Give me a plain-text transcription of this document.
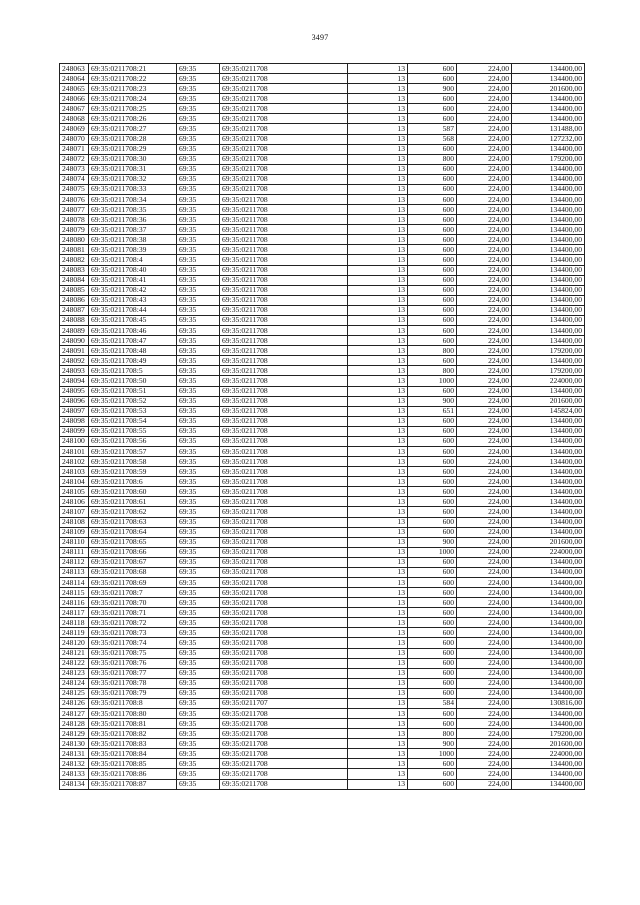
3497
248063	69:35:0211708:21	69:35	69:35:0211708	13	600	224,00	134400,00
248064	69:35:0211708:22	69:35	69:35:0211708	13	600	224,00	134400,00
248065	69:35:0211708:23	69:35	69:35:0211708	13	900	224,00	201600,00
248066	69:35:0211708:24	69:35	69:35:0211708	13	600	224,00	134400,00
248067	69:35:0211708:25	69:35	69:35:0211708	13	600	224,00	134400,00
248068	69:35:0211708:26	69:35	69:35:0211708	13	600	224,00	134400,00
248069	69:35:0211708:27	69:35	69:35:0211708	13	587	224,00	131488,00
248070	69:35:0211708:28	69:35	69:35:0211708	13	568	224,00	127232,00
248071	69:35:0211708:29	69:35	69:35:0211708	13	600	224,00	134400,00
248072	69:35:0211708:30	69:35	69:35:0211708	13	800	224,00	179200,00
248073	69:35:0211708:31	69:35	69:35:0211708	13	600	224,00	134400,00
248074	69:35:0211708:32	69:35	69:35:0211708	13	600	224,00	134400,00
248075	69:35:0211708:33	69:35	69:35:0211708	13	600	224,00	134400,00
248076	69:35:0211708:34	69:35	69:35:0211708	13	600	224,00	134400,00
248077	69:35:0211708:35	69:35	69:35:0211708	13	600	224,00	134400,00
248078	69:35:0211708:36	69:35	69:35:0211708	13	600	224,00	134400,00
248079	69:35:0211708:37	69:35	69:35:0211708	13	600	224,00	134400,00
248080	69:35:0211708:38	69:35	69:35:0211708	13	600	224,00	134400,00
248081	69:35:0211708:39	69:35	69:35:0211708	13	600	224,00	134400,00
248082	69:35:0211708:4	69:35	69:35:0211708	13	600	224,00	134400,00
248083	69:35:0211708:40	69:35	69:35:0211708	13	600	224,00	134400,00
248084	69:35:0211708:41	69:35	69:35:0211708	13	600	224,00	134400,00
248085	69:35:0211708:42	69:35	69:35:0211708	13	600	224,00	134400,00
248086	69:35:0211708:43	69:35	69:35:0211708	13	600	224,00	134400,00
248087	69:35:0211708:44	69:35	69:35:0211708	13	600	224,00	134400,00
248088	69:35:0211708:45	69:35	69:35:0211708	13	600	224,00	134400,00
248089	69:35:0211708:46	69:35	69:35:0211708	13	600	224,00	134400,00
248090	69:35:0211708:47	69:35	69:35:0211708	13	600	224,00	134400,00
248091	69:35:0211708:48	69:35	69:35:0211708	13	800	224,00	179200,00
248092	69:35:0211708:49	69:35	69:35:0211708	13	600	224,00	134400,00
248093	69:35:0211708:5	69:35	69:35:0211708	13	800	224,00	179200,00
248094	69:35:0211708:50	69:35	69:35:0211708	13	1000	224,00	224000,00
248095	69:35:0211708:51	69:35	69:35:0211708	13	600	224,00	134400,00
248096	69:35:0211708:52	69:35	69:35:0211708	13	900	224,00	201600,00
248097	69:35:0211708:53	69:35	69:35:0211708	13	651	224,00	145824,00
248098	69:35:0211708:54	69:35	69:35:0211708	13	600	224,00	134400,00
248099	69:35:0211708:55	69:35	69:35:0211708	13	600	224,00	134400,00
248100	69:35:0211708:56	69:35	69:35:0211708	13	600	224,00	134400,00
248101	69:35:0211708:57	69:35	69:35:0211708	13	600	224,00	134400,00
248102	69:35:0211708:58	69:35	69:35:0211708	13	600	224,00	134400,00
248103	69:35:0211708:59	69:35	69:35:0211708	13	600	224,00	134400,00
248104	69:35:0211708:6	69:35	69:35:0211708	13	600	224,00	134400,00
248105	69:35:0211708:60	69:35	69:35:0211708	13	600	224,00	134400,00
248106	69:35:0211708:61	69:35	69:35:0211708	13	600	224,00	134400,00
248107	69:35:0211708:62	69:35	69:35:0211708	13	600	224,00	134400,00
248108	69:35:0211708:63	69:35	69:35:0211708	13	600	224,00	134400,00
248109	69:35:0211708:64	69:35	69:35:0211708	13	600	224,00	134400,00
248110	69:35:0211708:65	69:35	69:35:0211708	13	900	224,00	201600,00
248111	69:35:0211708:66	69:35	69:35:0211708	13	1000	224,00	224000,00
248112	69:35:0211708:67	69:35	69:35:0211708	13	600	224,00	134400,00
248113	69:35:0211708:68	69:35	69:35:0211708	13	600	224,00	134400,00
248114	69:35:0211708:69	69:35	69:35:0211708	13	600	224,00	134400,00
248115	69:35:0211708:7	69:35	69:35:0211708	13	600	224,00	134400,00
248116	69:35:0211708:70	69:35	69:35:0211708	13	600	224,00	134400,00
248117	69:35:0211708:71	69:35	69:35:0211708	13	600	224,00	134400,00
248118	69:35:0211708:72	69:35	69:35:0211708	13	600	224,00	134400,00
248119	69:35:0211708:73	69:35	69:35:0211708	13	600	224,00	134400,00
248120	69:35:0211708:74	69:35	69:35:0211708	13	600	224,00	134400,00
248121	69:35:0211708:75	69:35	69:35:0211708	13	600	224,00	134400,00
248122	69:35:0211708:76	69:35	69:35:0211708	13	600	224,00	134400,00
248123	69:35:0211708:77	69:35	69:35:0211708	13	600	224,00	134400,00
248124	69:35:0211708:78	69:35	69:35:0211708	13	600	224,00	134400,00
248125	69:35:0211708:79	69:35	69:35:0211708	13	600	224,00	134400,00
248126	69:35:0211708:8	69:35	69:35:0211707	13	584	224,00	130816,00
248127	69:35:0211708:80	69:35	69:35:0211708	13	600	224,00	134400,00
248128	69:35:0211708:81	69:35	69:35:0211708	13	600	224,00	134400,00
248129	69:35:0211708:82	69:35	69:35:0211708	13	800	224,00	179200,00
248130	69:35:0211708:83	69:35	69:35:0211708	13	900	224,00	201600,00
248131	69:35:0211708:84	69:35	69:35:0211708	13	1000	224,00	224000,00
248132	69:35:0211708:85	69:35	69:35:0211708	13	600	224,00	134400,00
248133	69:35:0211708:86	69:35	69:35:0211708	13	600	224,00	134400,00
248134	69:35:0211708:87	69:35	69:35:0211708	13	600	224,00	134400,00
